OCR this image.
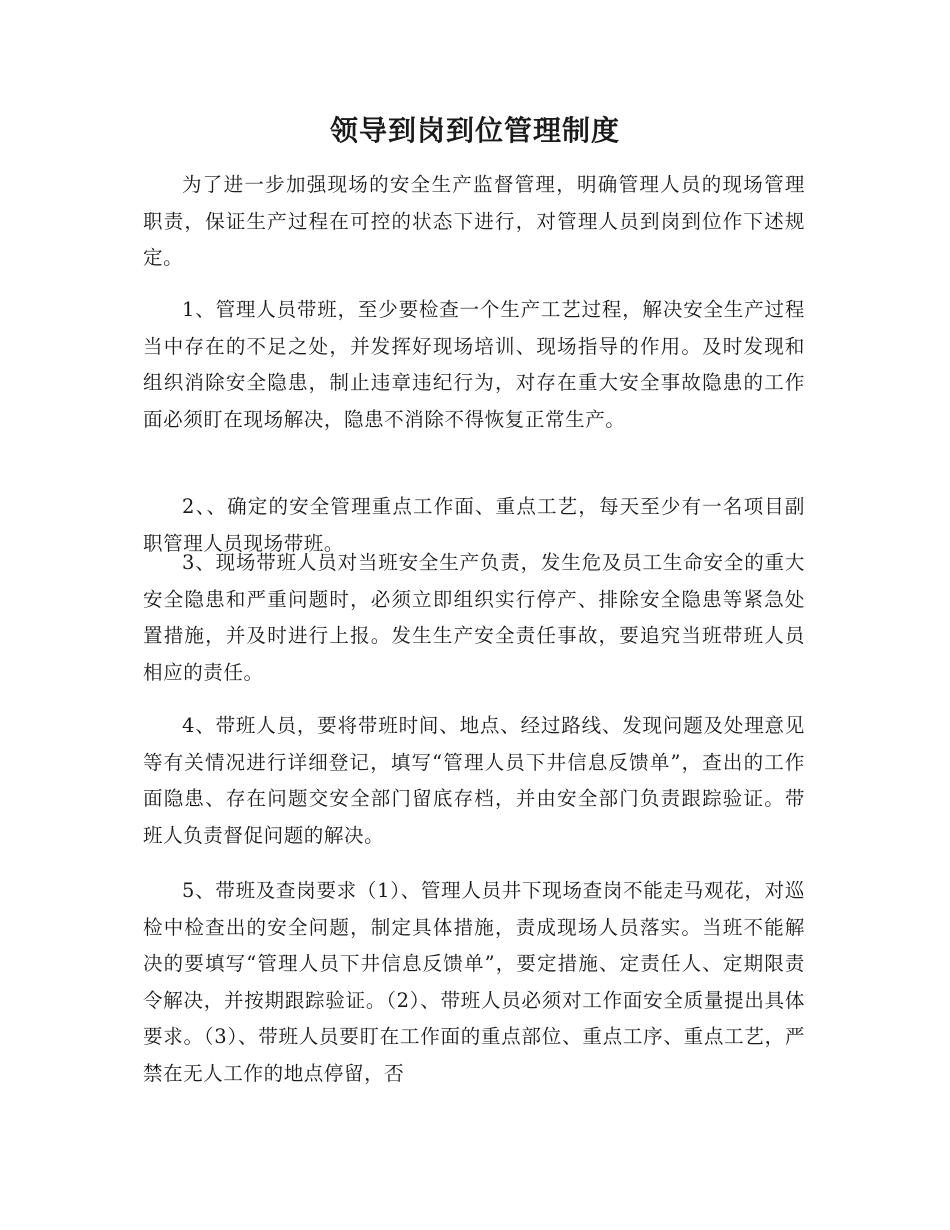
领导到岗到位管理制度

为了进一步加强现场的安全生产监督管理，明确管理人员的现场管理职责，保证生产过程在可控的状态下进行，对管理人员到岗到位作下述规定。

1、管理人员带班，至少要检查一个生产工艺过程，解决安全生产过程当中存在的不足之处，并发挥好现场培训、现场指导的作用。及时发现和组织消除安全隐患，制止违章违纪行为，对存在重大安全事故隐患的工作面必须盯在现场解决，隐患不消除不得恢复正常生产。

2、、确定的安全管理重点工作面、重点工艺，每天至少有一名项目副职管理人员现场带班。

3、现场带班人员对当班安全生产负责，发生危及员工生命安全的重大安全隐患和严重问题时，必须立即组织实行停产、排除安全隐患等紧急处置措施，并及时进行上报。发生生产安全责任事故，要追究当班带班人员相应的责任。

4、带班人员，要将带班时间、地点、经过路线、发现问题及处理意见等有关情况进行详细登记，填写“管理人员下井信息反馈单”，查出的工作面隐患、存在问题交安全部门留底存档，并由安全部门负责跟踪验证。带班人负责督促问题的解决。

5、带班及查岗要求（1）、管理人员井下现场查岗不能走马观花，对巡检中检查出的安全问题，制定具体措施，责成现场人员落实。当班不能解决的要填写“管理人员下井信息反馈单”，要定措施、定责任人、定期限责令解决，并按期跟踪验证。（2）、带班人员必须对工作面安全质量提出具体要求。（3）、带班人员要盯在工作面的重点部位、重点工序、重点工艺，严禁在无人工作的地点停留，否
